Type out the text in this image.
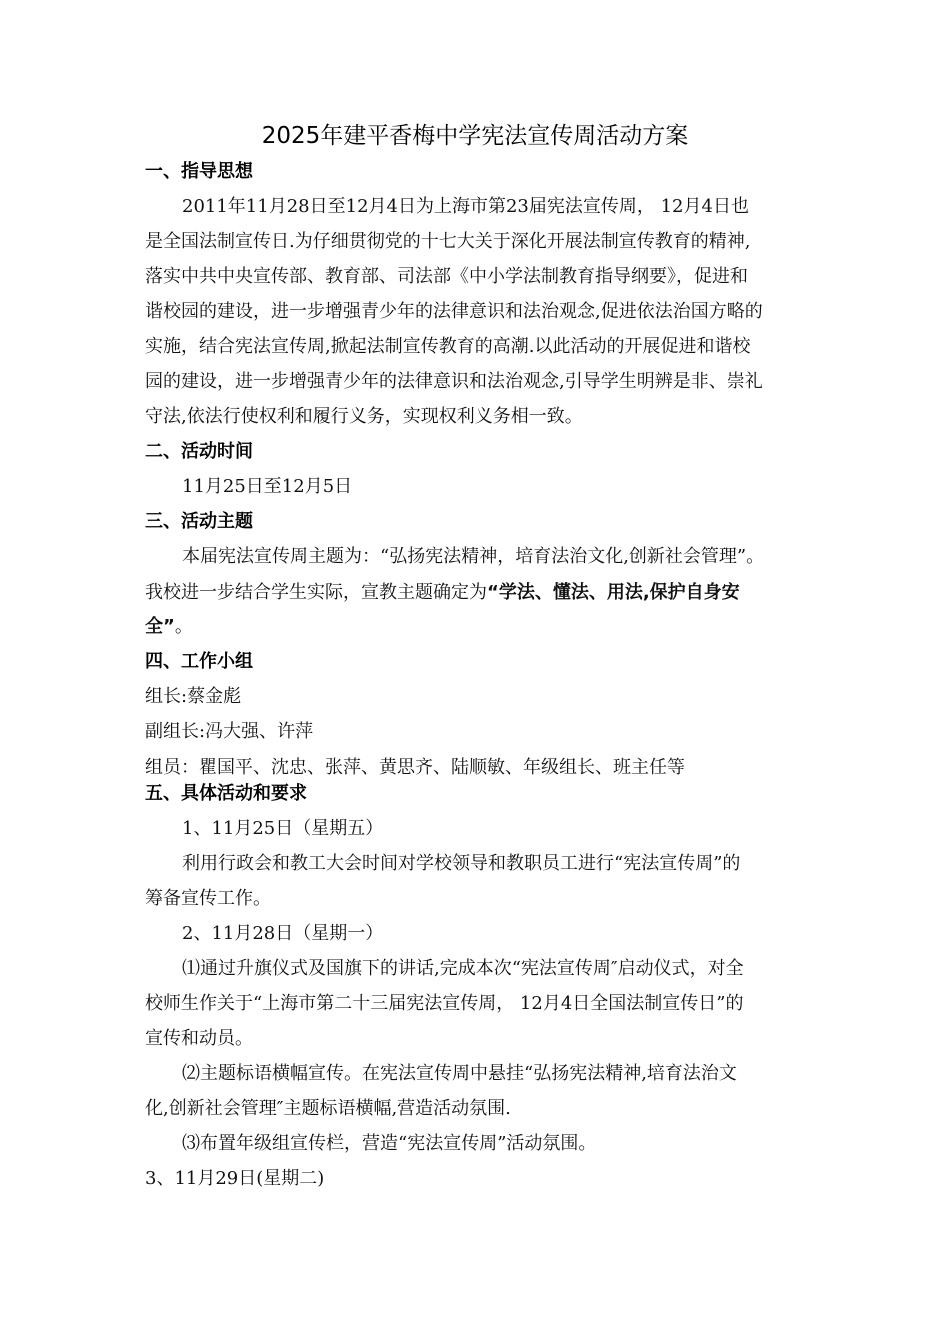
2025年建平香梅中学宪法宣传周活动方案
一、指导思想
2011年11月28日至12月4日为上海市第23届宪法宣传周， 12月4日也
是全国法制宣传日.为仔细贯彻党的十七大关于深化开展法制宣传教育的精神,
落实中共中央宣传部、教育部、司法部《中小学法制教育指导纲要》，促进和
谐校园的建设，进一步增强青少年的法律意识和法治观念,促进依法治国方略的
实施，结合宪法宣传周,掀起法制宣传教育的高潮.以此活动的开展促进和谐校
园的建设，进一步增强青少年的法律意识和法治观念,引导学生明辨是非、崇礼
守法,依法行使权利和履行义务，实现权利义务相一致。
二、活动时间
11月25日至12月5日
三、活动主题
本届宪法宣传周主题为：“弘扬宪法精神，培育法治文化,创新社会管理”。
我校进一步结合学生实际，宣教主题确定为“学法、懂法、用法,保护自身安
全”。
四、工作小组
组长:蔡金彪
副组长:冯大强、许萍
组员：瞿国平、沈忠、张萍、黄思齐、陆顺敏、年级组长、班主任等
五、具体活动和要求
1、11月25日（星期五）
利用行政会和教工大会时间对学校领导和教职员工进行“宪法宣传周”的
筹备宣传工作。
2、11月28日（星期一）
⑴通过升旗仪式及国旗下的讲话,完成本次“宪法宣传周″启动仪式，对全
校师生作关于“上海市第二十三届宪法宣传周， 12月4日全国法制宣传日”的
宣传和动员。
⑵主题标语横幅宣传。在宪法宣传周中悬挂“弘扬宪法精神,培育法治文
化,创新社会管理″主题标语横幅,营造活动氛围.
⑶布置年级组宣传栏，营造“宪法宣传周”活动氛围。
3、11月29日(星期二)
